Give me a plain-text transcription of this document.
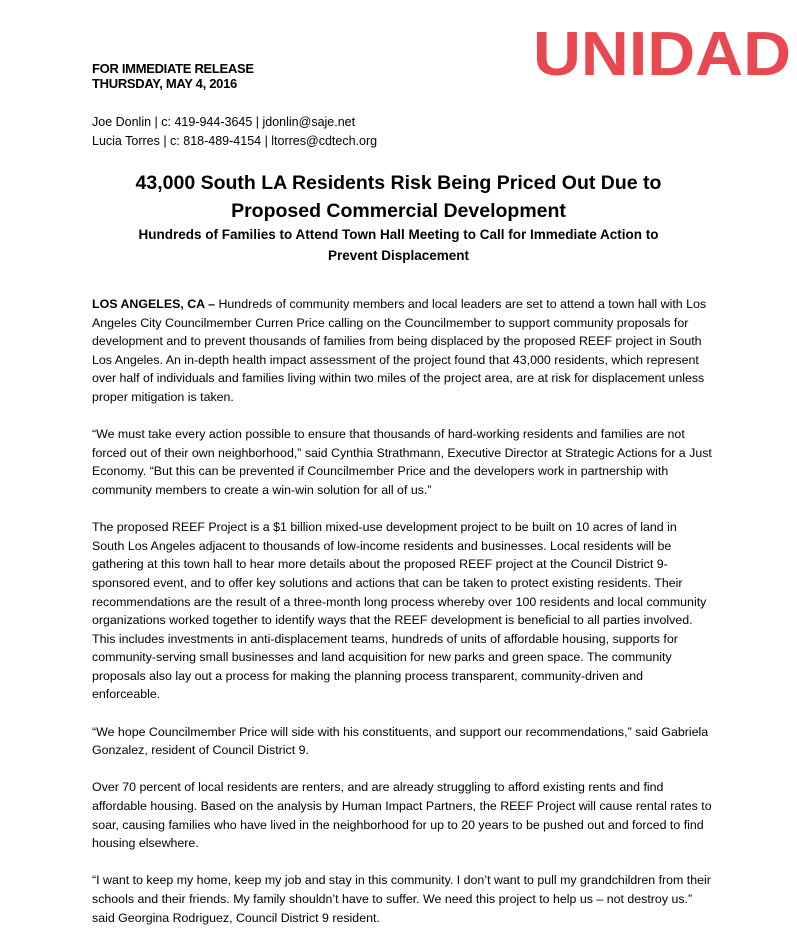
FOR IMMEDIATE RELEASE
THURSDAY, MAY 4, 2016	UNIDAD
Joe Donlin | c: 419-944-3645 | jdonlin@saje.net
Lucia Torres | c: 818-489-4154 | ltorres@cdtech.org
43,000 South LA Residents Risk Being Priced Out Due to
Proposed Commercial Development
Hundreds of Families to Attend Town Hall Meeting to Call for Immediate Action to
Prevent Displacement

LOS ANGELES, CA – Hundreds of community members and local leaders are set to attend a town hall with Los Angeles City Councilmember Curren Price calling on the Councilmember to support community proposals for development and to prevent thousands of families from being displaced by the proposed REEF project in South Los Angeles. An in-depth health impact assessment of the project found that 43,000 residents, which represent over half of individuals and families living within two miles of the project area, are at risk for displacement unless proper mitigation is taken.

“We must take every action possible to ensure that thousands of hard-working residents and families are not forced out of their own neighborhood,” said Cynthia Strathmann, Executive Director at Strategic Actions for a Just Economy. “But this can be prevented if Councilmember Price and the developers work in partnership with community members to create a win-win solution for all of us.”

The proposed REEF Project is a $1 billion mixed-use development project to be built on 10 acres of land in South Los Angeles adjacent to thousands of low-income residents and businesses. Local residents will be gathering at this town hall to hear more details about the proposed REEF project at the Council District 9-sponsored event, and to offer key solutions and actions that can be taken to protect existing residents. Their recommendations are the result of a three-month long process whereby over 100 residents and local community organizations worked together to identify ways that the REEF development is beneficial to all parties involved. This includes investments in anti-displacement teams, hundreds of units of affordable housing, supports for community-serving small businesses and land acquisition for new parks and green space. The community proposals also lay out a process for making the planning process transparent, community-driven and enforceable.

“We hope Councilmember Price will side with his constituents, and support our recommendations,” said Gabriela Gonzalez, resident of Council District 9.

Over 70 percent of local residents are renters, and are already struggling to afford existing rents and find affordable housing. Based on the analysis by Human Impact Partners, the REEF Project will cause rental rates to soar, causing families who have lived in the neighborhood for up to 20 years to be pushed out and forced to find housing elsewhere.

“I want to keep my home, keep my job and stay in this community. I don’t want to pull my grandchildren from their schools and their friends. My family shouldn’t have to suffer. We need this project to help us – not destroy us.” said Georgina Rodriguez, Council District 9 resident.
